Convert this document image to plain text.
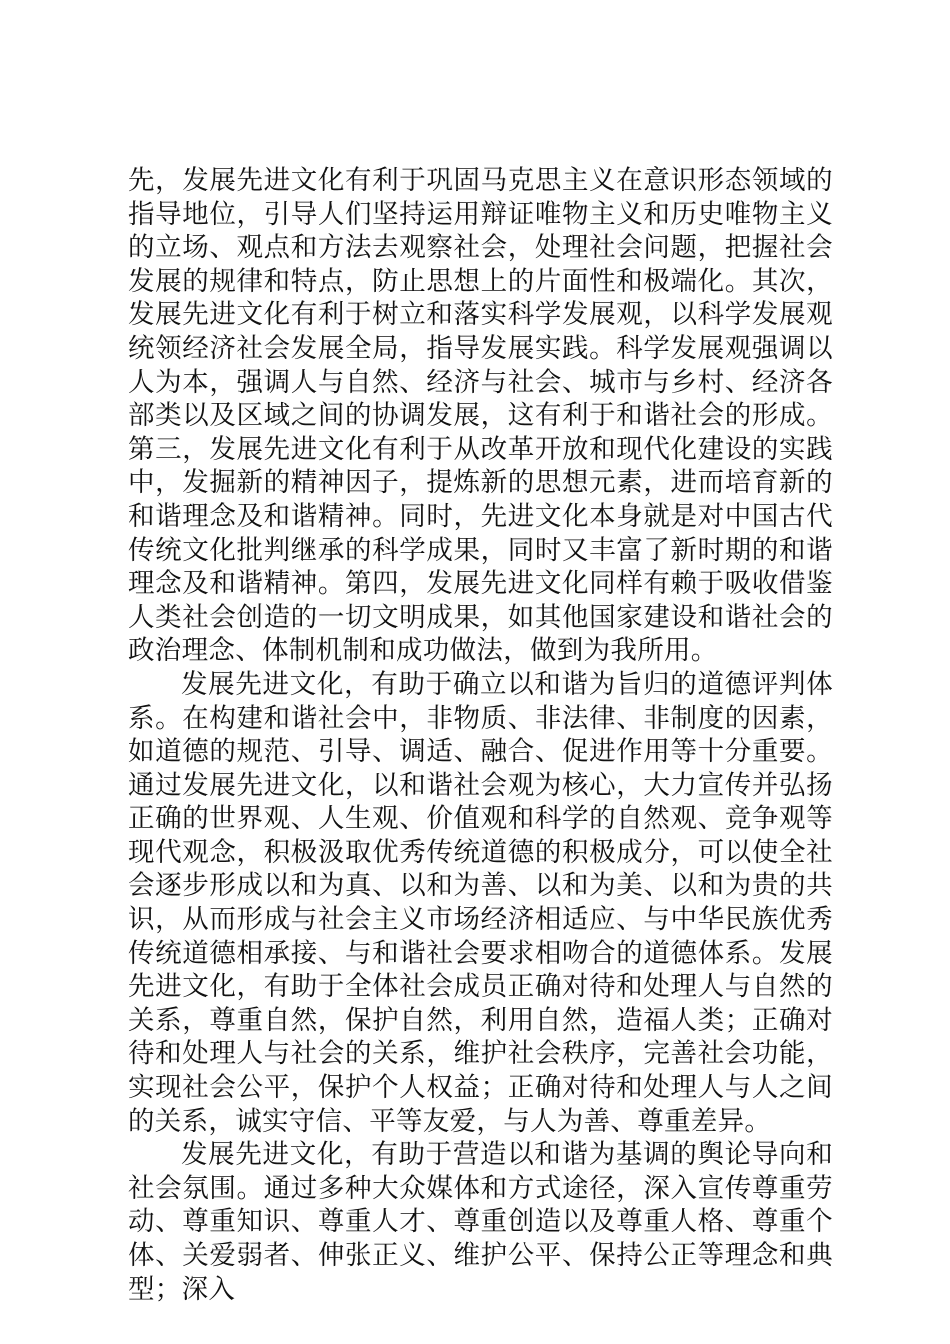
先，发展先进文化有利于巩固马克思主义在意识形态领域的指导地位，引导人们坚持运用辩证唯物主义和历史唯物主义的立场、观点和方法去观察社会，处理社会问题，把握社会发展的规律和特点，防止思想上的片面性和极端化。其次，发展先进文化有利于树立和落实科学发展观，以科学发展观统领经济社会发展全局，指导发展实践。科学发展观强调以人为本，强调人与自然、经济与社会、城市与乡村、经济各部类以及区域之间的协调发展，这有利于和谐社会的形成。第三，发展先进文化有利于从改革开放和现代化建设的实践中，发掘新的精神因子，提炼新的思想元素，进而培育新的和谐理念及和谐精神。同时，先进文化本身就是对中国古代传统文化批判继承的科学成果，同时又丰富了新时期的和谐理念及和谐精神。第四，发展先进文化同样有赖于吸收借鉴人类社会创造的一切文明成果，如其他国家建设和谐社会的政治理念、体制机制和成功做法，做到为我所用。

发展先进文化，有助于确立以和谐为旨归的道德评判体系。在构建和谐社会中，非物质、非法律、非制度的因素，如道德的规范、引导、调适、融合、促进作用等十分重要。通过发展先进文化，以和谐社会观为核心，大力宣传并弘扬正确的世界观、人生观、价值观和科学的自然观、竞争观等现代观念，积极汲取优秀传统道德的积极成分，可以使全社会逐步形成以和为真、以和为善、以和为美、以和为贵的共识，从而形成与社会主义市场经济相适应、与中华民族优秀传统道德相承接、与和谐社会要求相吻合的道德体系。发展先进文化，有助于全体社会成员正确对待和处理人与自然的关系，尊重自然，保护自然，利用自然，造福人类；正确对待和处理人与社会的关系，维护社会秩序，完善社会功能，实现社会公平，保护个人权益；正确对待和处理人与人之间的关系，诚实守信、平等友爱，与人为善、尊重差异。

发展先进文化，有助于营造以和谐为基调的舆论导向和社会氛围。通过多种大众媒体和方式途径，深入宣传尊重劳动、尊重知识、尊重人才、尊重创造以及尊重人格、尊重个体、关爱弱者、伸张正义、维护公平、保持公正等理念和典型；深入
